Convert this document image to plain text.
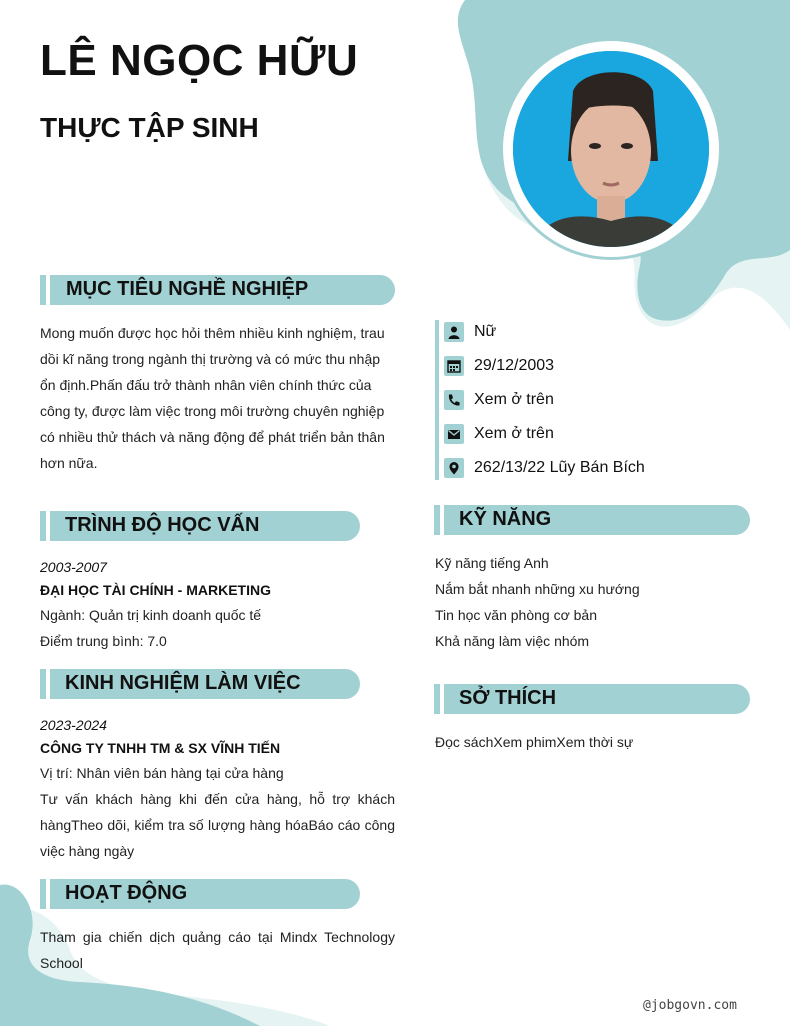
LÊ NGỌC HỮU
THỰC TẬP SINH
MỤC TIÊU NGHỀ NGHIỆP

Mong muốn được học hỏi thêm nhiều kinh nghiệm, trau dồi kĩ năng trong ngành thị trường và có mức thu nhập ổn định.Phấn đấu trở thành nhân viên chính thức của công ty, được làm việc trong môi trường chuyên nghiệp có nhiều thử thách và năng động để phát triển bản thân hơn nữa.

Nữ
29/12/2003
Xem ở trên
Xem ở trên
262/13/22 Lũy Bán Bích
TRÌNH ĐỘ HỌC VẤN
2003-2007
ĐẠI HỌC TÀI CHÍNH - MARKETING
Ngành: Quản trị kinh doanh quốc tế
Điểm trung bình: 7.0
KỸ NĂNG
Kỹ năng tiếng Anh
Nắm bắt nhanh những xu hướng
Tin học văn phòng cơ bản
Khả năng làm việc nhóm
KINH NGHIỆM LÀM VIỆC
2023-2024
CÔNG TY TNHH TM & SX VĨNH TIẾN
Vị trí: Nhân viên bán hàng tại cửa hàng

Tư vấn khách hàng khi đến cửa hàng, hỗ trợ khách hàngTheo dõi, kiểm tra số lượng hàng hóaBáo cáo công việc hàng ngày

SỞ THÍCH
Đọc sáchXem phimXem thời sự
HOẠT ĐỘNG

Tham gia chiến dịch quảng cáo tại Mindx Technology School

@jobgovn.com
